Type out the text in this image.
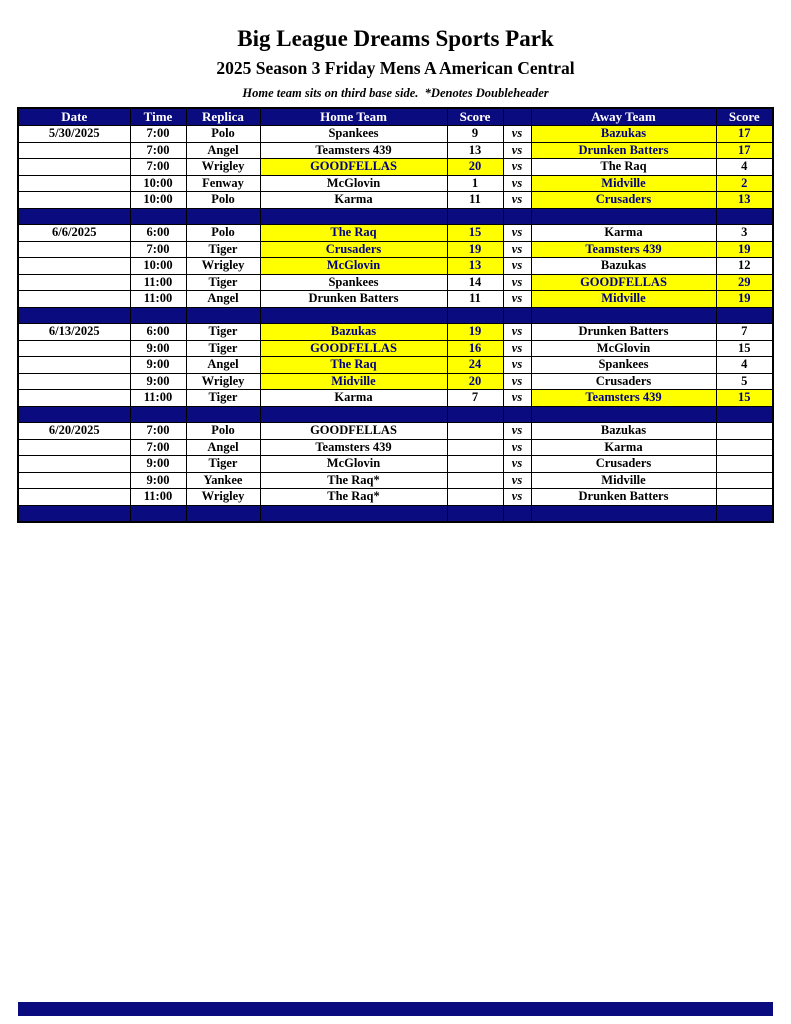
Big League Dreams Sports Park
2025 Season 3 Friday Mens A American Central
Home team sits on third base side.  *Denotes Doubleheader
Date	Time	Replica	Home Team	Score		Away Team	Score
5/30/2025	7:00	Polo	Spankees	9	vs	Bazukas	17
	7:00	Angel	Teamsters 439	13	vs	Drunken Batters	17
	7:00	Wrigley	GOODFELLAS	20	vs	The Raq	4
	10:00	Fenway	McGlovin	1	vs	Midville	2
	10:00	Polo	Karma	11	vs	Crusaders	13

6/6/2025	6:00	Polo	The Raq	15	vs	Karma	3
	7:00	Tiger	Crusaders	19	vs	Teamsters 439	19
	10:00	Wrigley	McGlovin	13	vs	Bazukas	12
	11:00	Tiger	Spankees	14	vs	GOODFELLAS	29
	11:00	Angel	Drunken Batters	11	vs	Midville	19

6/13/2025	6:00	Tiger	Bazukas	19	vs	Drunken Batters	7
	9:00	Tiger	GOODFELLAS	16	vs	McGlovin	15
	9:00	Angel	The Raq	24	vs	Spankees	4
	9:00	Wrigley	Midville	20	vs	Crusaders	5
	11:00	Tiger	Karma	7	vs	Teamsters 439	15

6/20/2025	7:00	Polo	GOODFELLAS		vs	Bazukas	
	7:00	Angel	Teamsters 439		vs	Karma	
	9:00	Tiger	McGlovin		vs	Crusaders	
	9:00	Yankee	The Raq*		vs	Midville	
	11:00	Wrigley	The Raq*		vs	Drunken Batters	
